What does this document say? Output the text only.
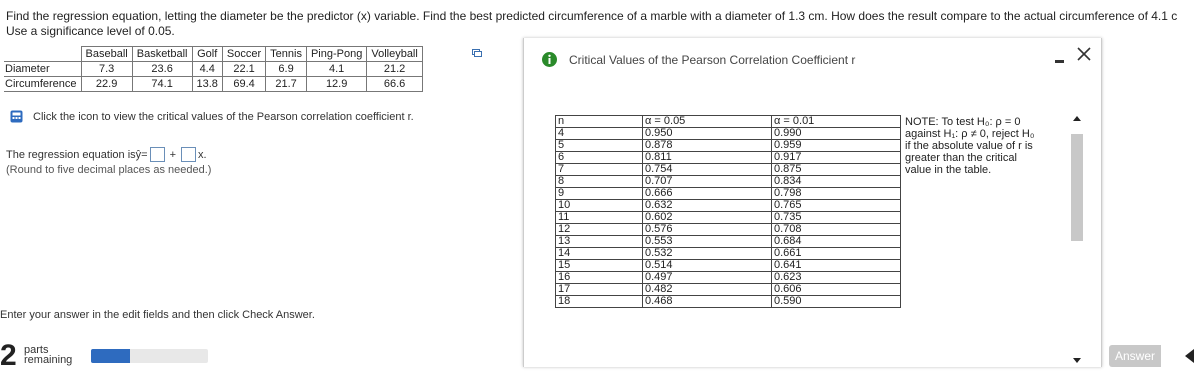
Find the regression equation, letting the diameter be the predictor (x) variable. Find the best predicted circumference of a marble with a diameter of 1.3 cm. How does the result compare to the actual circumference of 4.1 c
Use a significance level of 0.05.
	Baseball	Basketball	Golf	Soccer	Tennis	Ping-Pong	Volleyball
Diameter	7.3	23.6	4.4	22.1	6.9	4.1	21.2
Circumference	22.9	74.1	13.8	69.4	21.7	12.9	66.6
Click the icon to view the critical values of the Pearson correlation coefficient r.
The regression equation is ŷ = + x.
(Round to five decimal places as needed.)
Enter your answer in the edit fields and then click Check Answer.
2 parts
remaining	Answer
Critical Values of the Pearson Correlation Coefficient r
n	α = 0.05	α = 0.01
4	0.950	0.990
5	0.878	0.959
6	0.811	0.917
7	0.754	0.875
8	0.707	0.834
9	0.666	0.798
10	0.632	0.765
11	0.602	0.735
12	0.576	0.708
13	0.553	0.684
14	0.532	0.661
15	0.514	0.641
16	0.497	0.623
17	0.482	0.606
18	0.468	0.590
NOTE: To test H₀: ρ = 0
against H₁: ρ ≠ 0, reject H₀
if the absolute value of r is
greater than the critical
value in the table.
